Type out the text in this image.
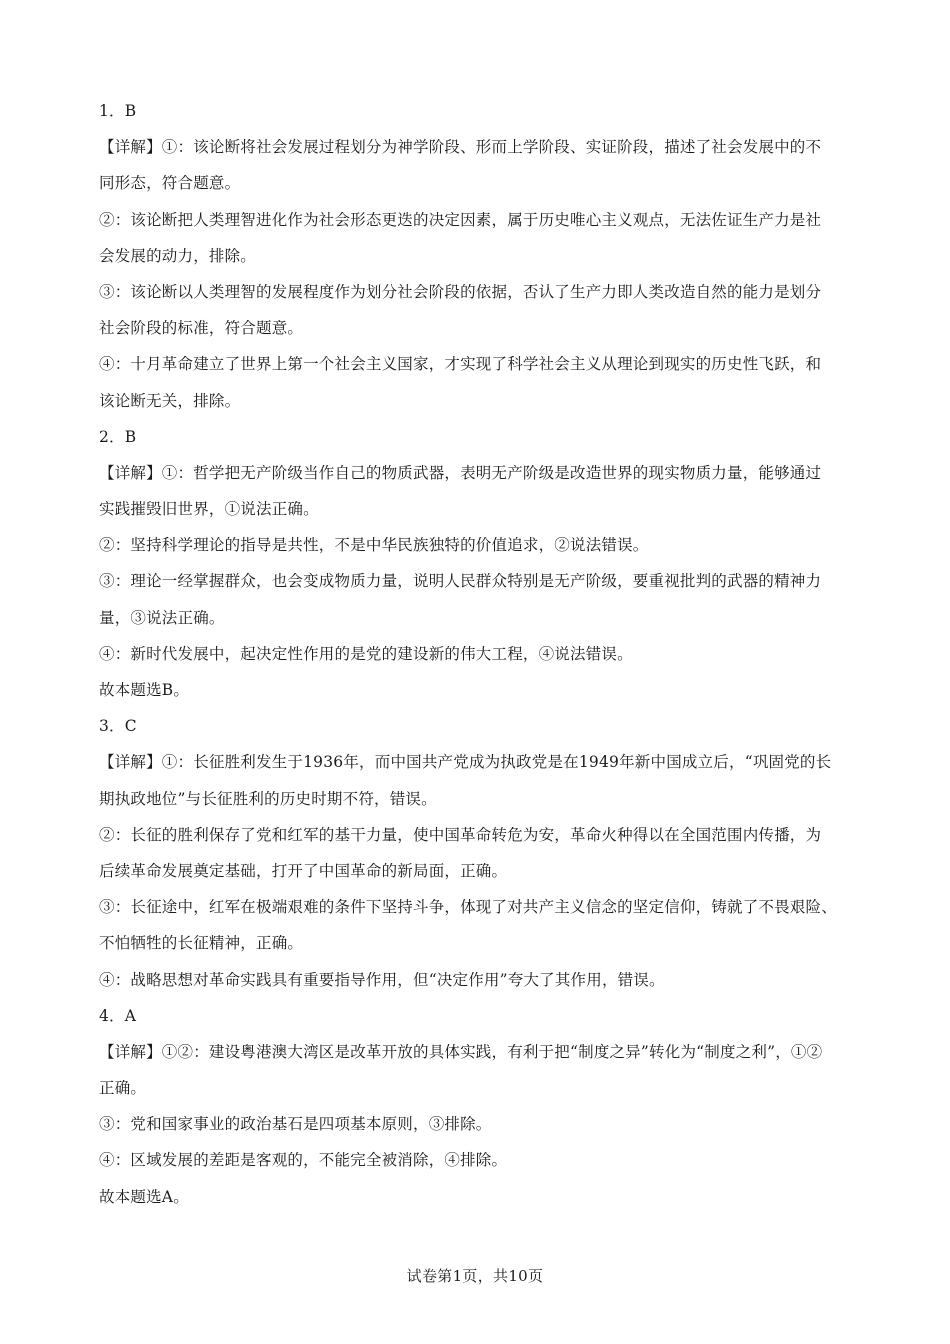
1．B
【详解】①：该论断将社会发展过程划分为神学阶段、形而上学阶段、实证阶段，描述了社会发展中的不
同形态，符合题意。
②：该论断把人类理智进化作为社会形态更迭的决定因素，属于历史唯心主义观点，无法佐证生产力是社
会发展的动力，排除。
③：该论断以人类理智的发展程度作为划分社会阶段的依据，否认了生产力即人类改造自然的能力是划分
社会阶段的标准，符合题意。
④：十月革命建立了世界上第一个社会主义国家，才实现了科学社会主义从理论到现实的历史性飞跃，和
该论断无关，排除。
2．B
【详解】①：哲学把无产阶级当作自己的物质武器，表明无产阶级是改造世界的现实物质力量，能够通过
实践摧毁旧世界，①说法正确。
②：坚持科学理论的指导是共性，不是中华民族独特的价值追求，②说法错误。
③：理论一经掌握群众，也会变成物质力量，说明人民群众特别是无产阶级，要重视批判的武器的精神力
量，③说法正确。
④：新时代发展中，起决定性作用的是党的建设新的伟大工程，④说法错误。
故本题选B。
3．C
【详解】①：长征胜利发生于1936年，而中国共产党成为执政党是在1949年新中国成立后，“巩固党的长
期执政地位”与长征胜利的历史时期不符，错误。
②：长征的胜利保存了党和红军的基干力量，使中国革命转危为安，革命火种得以在全国范围内传播，为
后续革命发展奠定基础，打开了中国革命的新局面，正确。
③：长征途中，红军在极端艰难的条件下坚持斗争，体现了对共产主义信念的坚定信仰，铸就了不畏艰险、
不怕牺牲的长征精神，正确。
④：战略思想对革命实践具有重要指导作用，但“决定作用”夸大了其作用，错误。
4．A
【详解】①②：建设粤港澳大湾区是改革开放的具体实践，有利于把“制度之异”转化为“制度之利”，①②
正确。
③：党和国家事业的政治基石是四项基本原则，③排除。
④：区域发展的差距是客观的，不能完全被消除，④排除。
故本题选A。
试卷第1页，共10页
